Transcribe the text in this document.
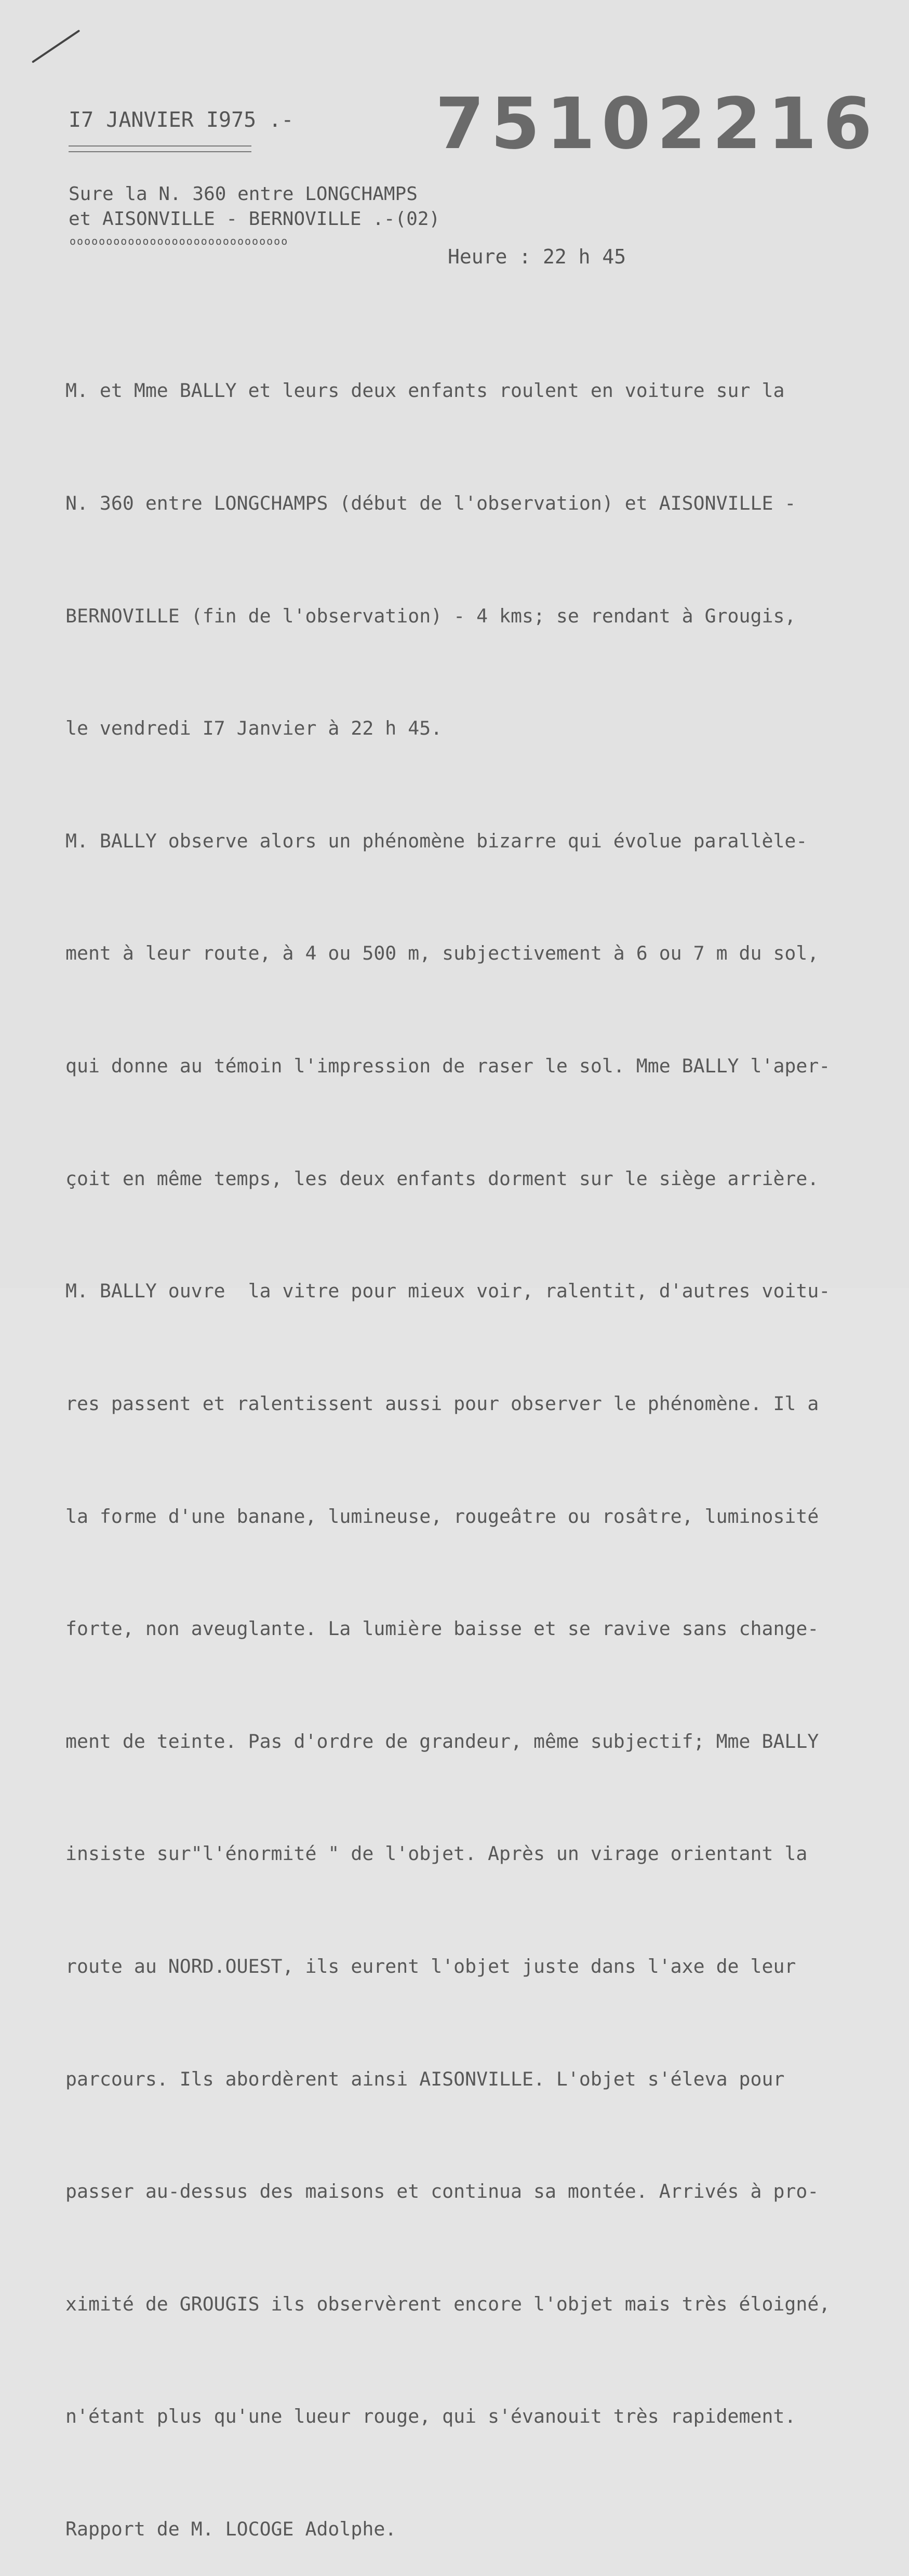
I7 JANVIER I975 .- 75102216
Sure la N. 360 entre LONGCHAMPS
et AISONVILLE - BERNOVILLE .-(02)
oooooooooooooooooooooooooooooo
Heure : 22 h 45

M. et Mme BALLY et leurs deux enfants roulent en voiture sur la

N. 360 entre LONGCHAMPS (début de l'observation) et AISONVILLE -

BERNOVILLE (fin de l'observation) - 4 kms; se rendant à Grougis,

le vendredi I7 Janvier à 22 h 45.

M. BALLY observe alors un phénomène bizarre qui évolue parallèle-

ment à leur route, à 4 ou 500 m, subjectivement à 6 ou 7 m du sol,

qui donne au témoin l'impression de raser le sol. Mme BALLY l'aper-

çoit en même temps, les deux enfants dorment sur le siège arrière.

M. BALLY ouvre  la vitre pour mieux voir, ralentit, d'autres voitu-

res passent et ralentissent aussi pour observer le phénomène. Il a

la forme d'une banane, lumineuse, rougeâtre ou rosâtre, luminosité

forte, non aveuglante. La lumière baisse et se ravive sans change-

ment de teinte. Pas d'ordre de grandeur, même subjectif; Mme BALLY

insiste sur"l'énormité " de l'objet. Après un virage orientant la

route au NORD.OUEST, ils eurent l'objet juste dans l'axe de leur

parcours. Ils abordèrent ainsi AISONVILLE. L'objet s'éleva pour

passer au-dessus des maisons et continua sa montée. Arrivés à pro-

ximité de GROUGIS ils observèrent encore l'objet mais très éloigné,

n'étant plus qu'une lueur rouge, qui s'évanouit très rapidement.

Rapport de M. LOCOGE Adolphe.
